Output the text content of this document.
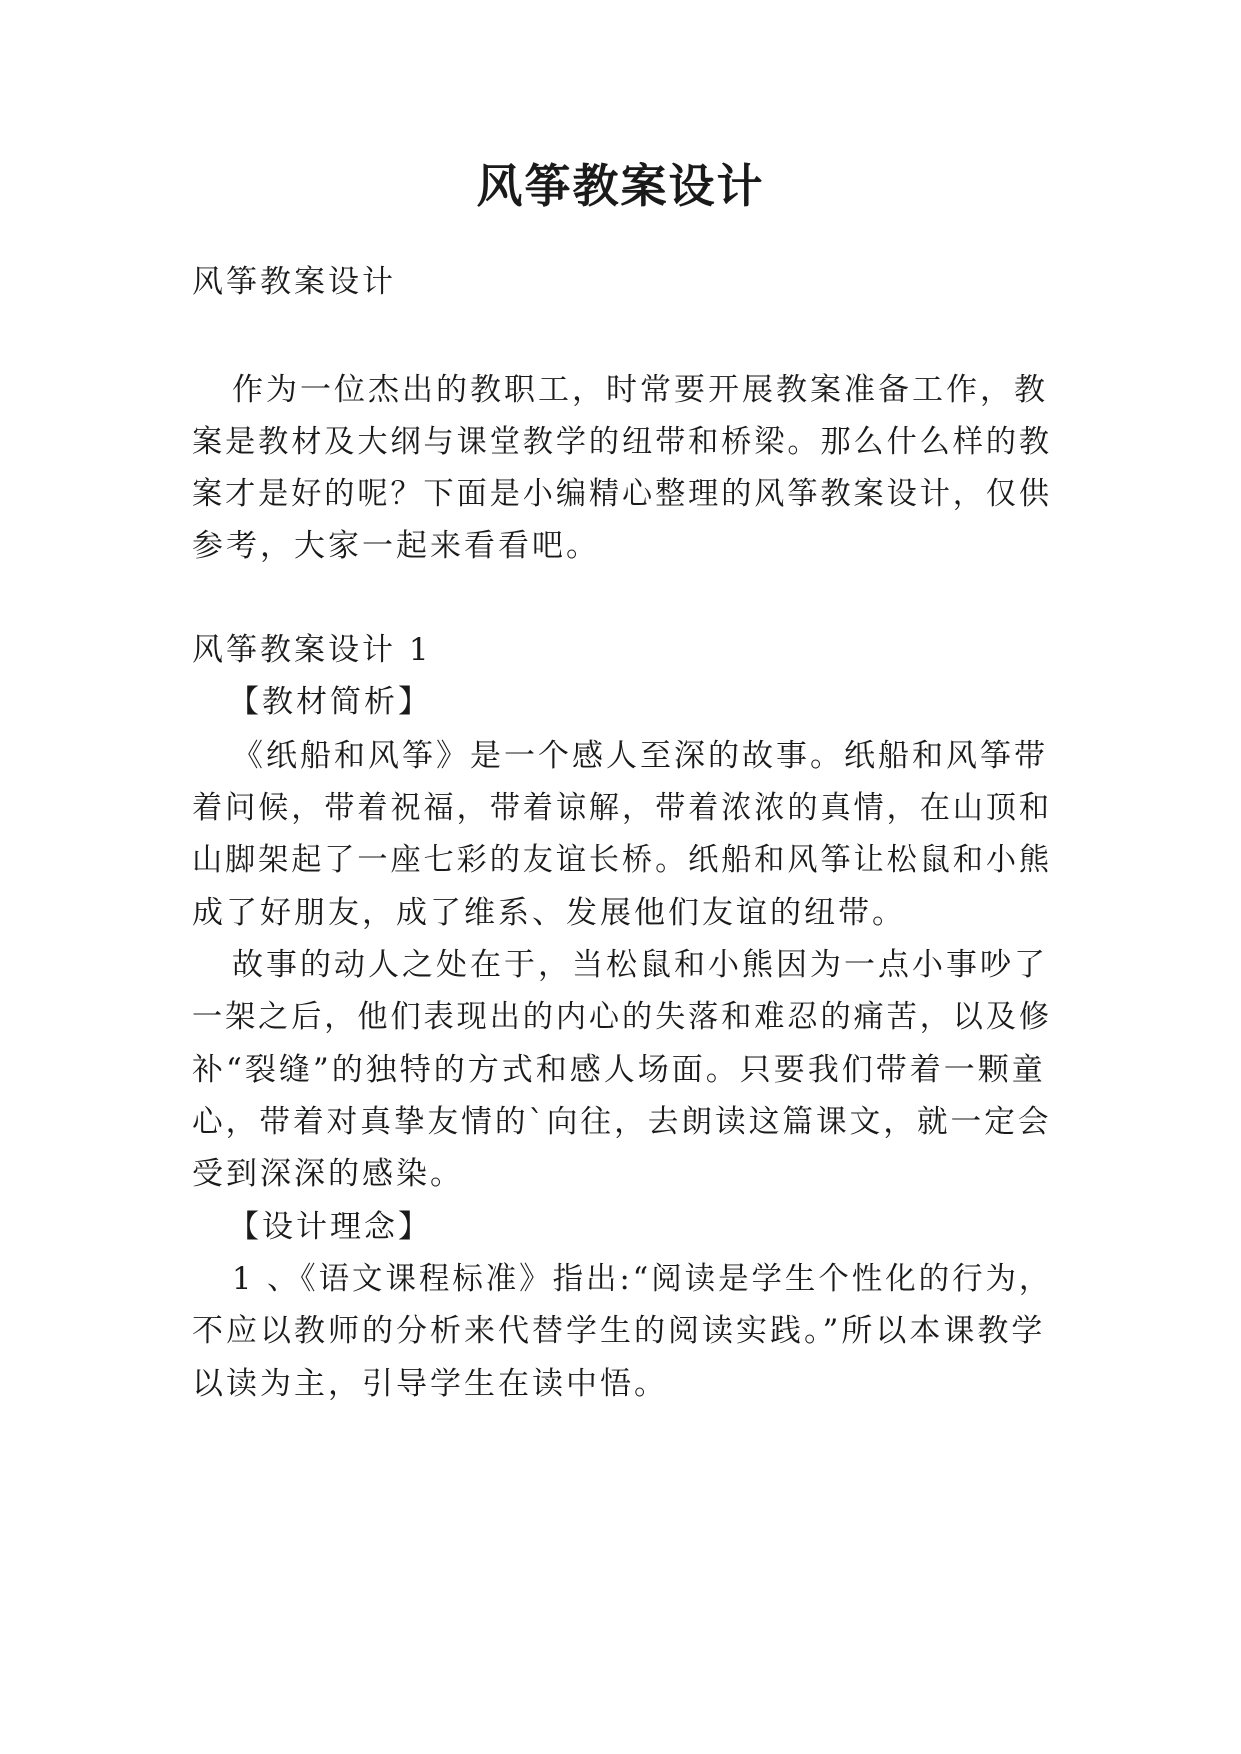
风筝教案设计

风筝教案设计

作为一位杰出的教职工，时常要开展教案准备工作，教

案是教材及大纲与课堂教学的纽带和桥梁。那么什么样的教

案才是好的呢？下面是小编精心整理的风筝教案设计，仅供

参考，大家一起来看看吧。

风筝教案设计 1

【教材简析】

《纸船和风筝》是一个感人至深的故事。纸船和风筝带

着问候，带着祝福，带着谅解，带着浓浓的真情，在山顶和

山脚架起了一座七彩的友谊长桥。纸船和风筝让松鼠和小熊

成了好朋友，成了维系、发展他们友谊的纽带。

故事的动人之处在于，当松鼠和小熊因为一点小事吵了

一架之后，他们表现出的内心的失落和难忍的痛苦，以及修

补“裂缝”的独特的方式和感人场面。只要我们带着一颗童

心，带着对真挚友情的`向往，去朗读这篇课文，就一定会

受到深深的感染。

【设计理念】

1 、《语文课程标准》指出:“阅读是学生个性化的行为，

不应以教师的分析来代替学生的阅读实践。”所以本课教学

以读为主，引导学生在读中悟。
